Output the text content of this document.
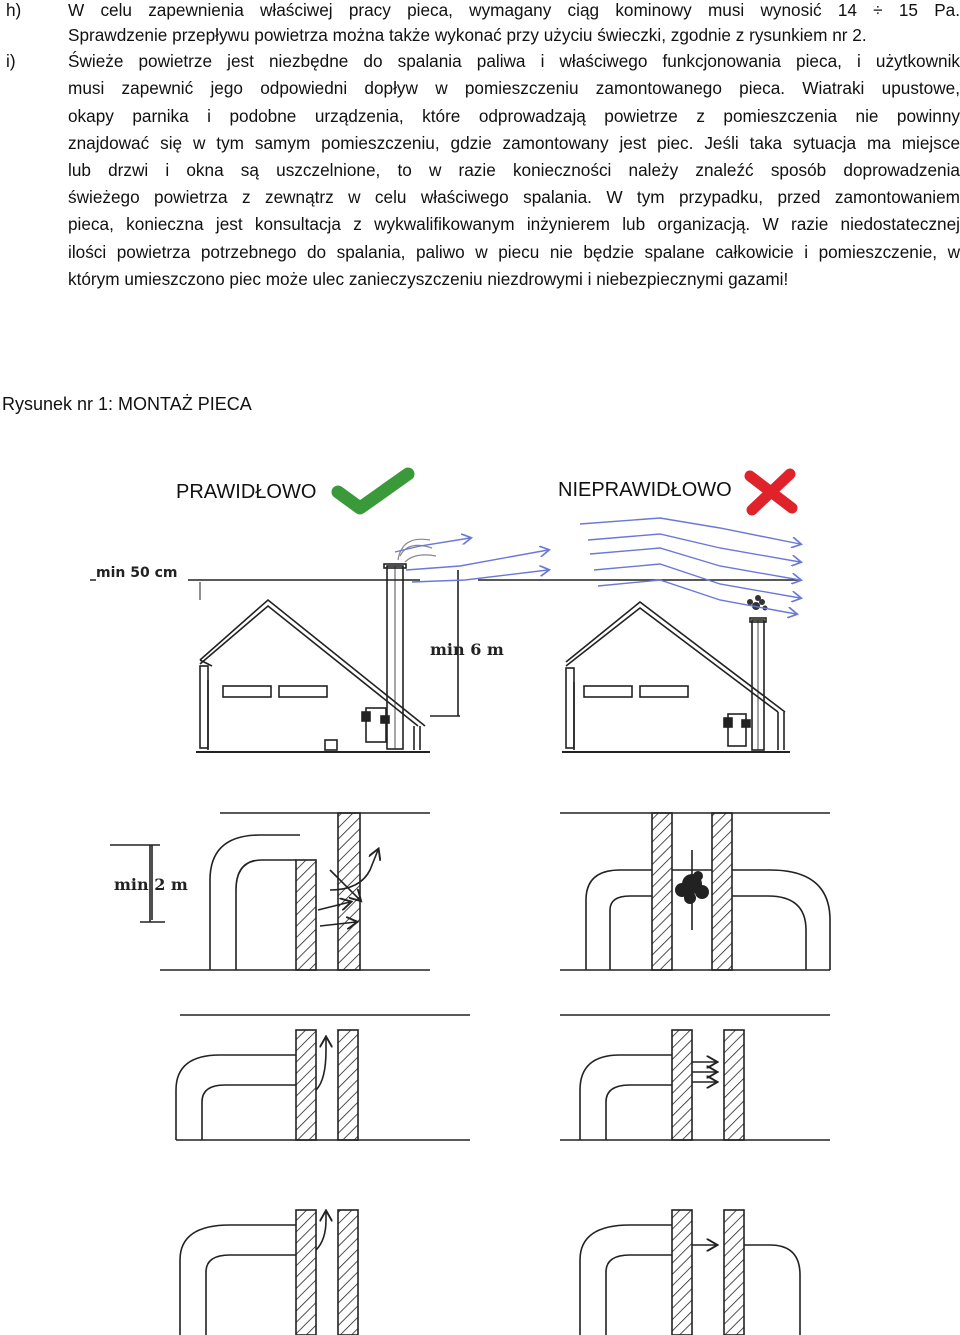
h)	W celu zapewnienia właściwej pracy pieca, wymagany ciąg kominowy musi wynosić 14 ÷ 15 Pa.
Sprawdzenie przepływu powietrza można także wykonać przy użyciu świeczki, zgodnie z rysunkiem nr 2.
i)	Świeże powietrze jest niezbędne do spalania paliwa i właściwego funkcjonowania pieca, i użytkownik
musi zapewnić jego odpowiedni dopływ w pomieszczeniu zamontowanego pieca. Wiatraki upustowe,
okapy parnika i podobne urządzenia, które odprowadzają powietrze z pomieszczenia nie powinny
znajdować się w tym samym pomieszczeniu, gdzie zamontowany jest piec. Jeśli taka sytuacja ma miejsce
lub drzwi i okna są uszczelnione, to w razie konieczności należy znaleźć sposób doprowadzenia
świeżego powietrza z zewnątrz w celu właściwego spalania. W tym przypadku, przed zamontowaniem
pieca, konieczna jest konsultacja z wykwalifikowanym inżynierem lub organizacją. W razie niedostatecznej
ilości powietrza potrzebnego do spalania, paliwo w piecu nie będzie spalane całkowicie i pomieszczenie, w
którym umieszczono piec może ulec zanieczyszczeniu niezdrowymi i niebezpiecznymi gazami!
Rysunek nr 1: MONTAŻ PIECA
PRAWIDŁOWO	NIEPRAWIDŁOWO
min 50 cm
min 6 m
min 2 m
